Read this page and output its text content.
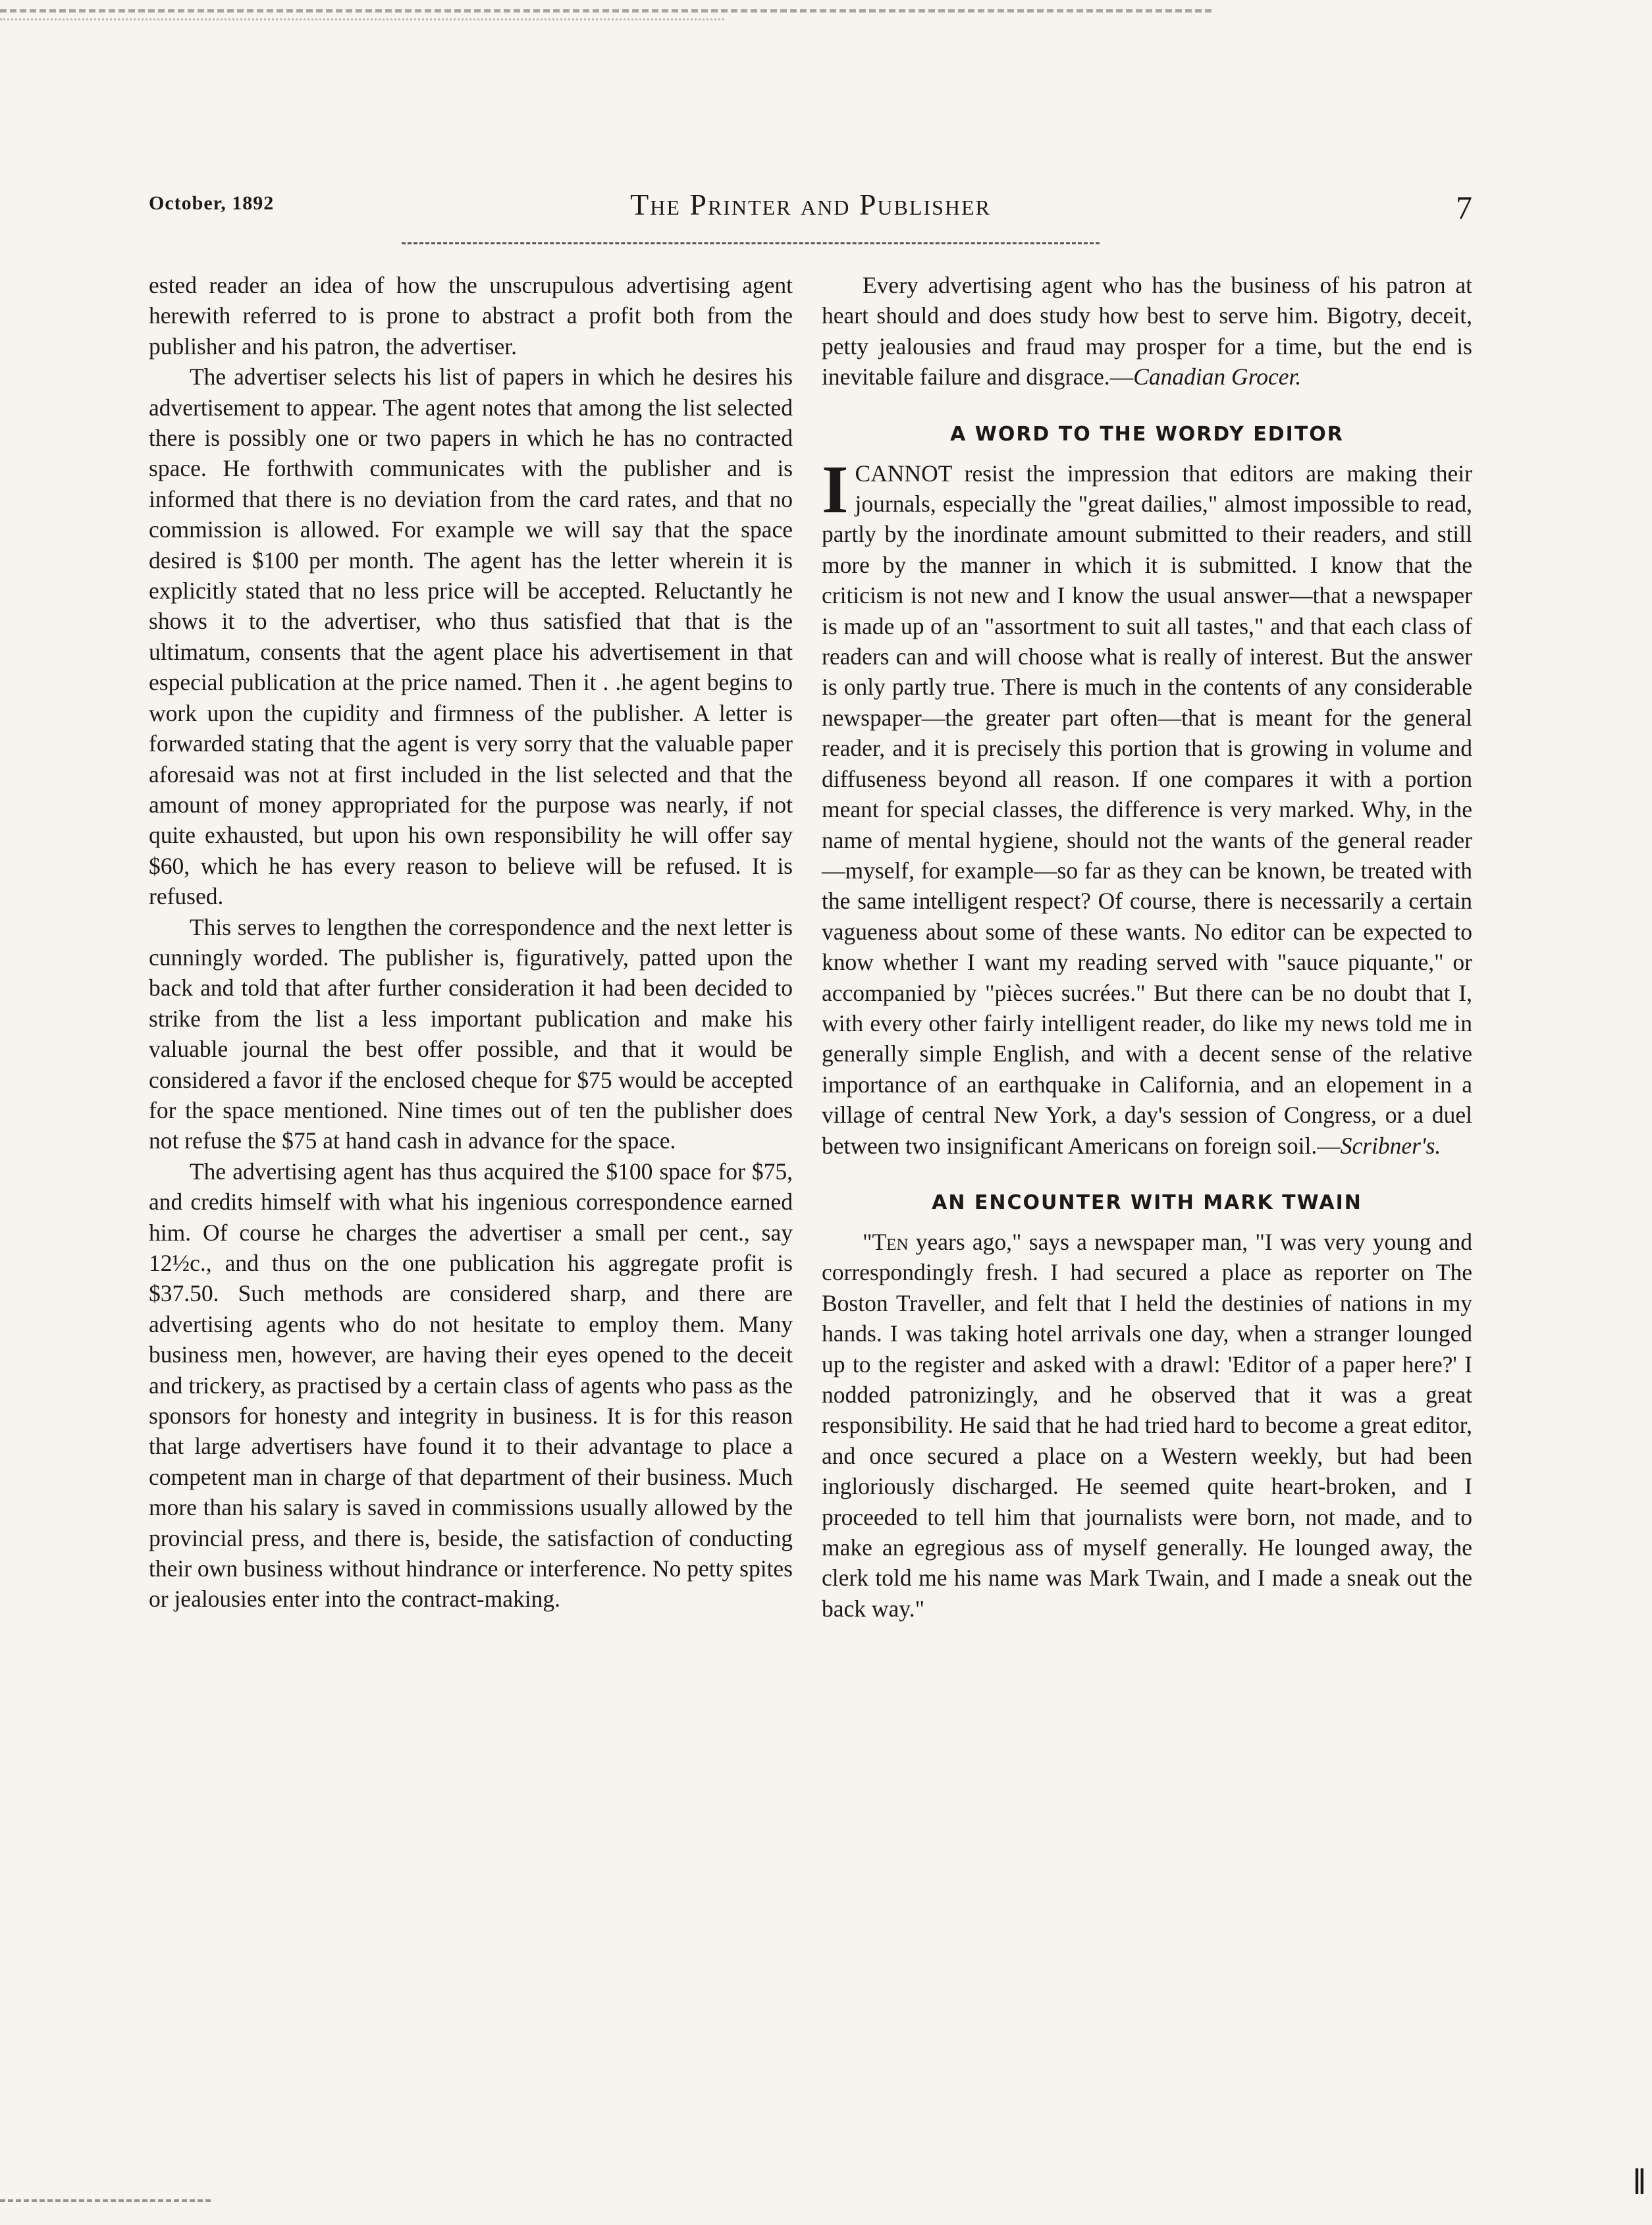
October, 1892	The Printer and Publisher	7

ested reader an idea of how the unscrupulous advertising agent herewith referred to is prone to abstract a profit both from the publisher and his patron, the advertiser.

The advertiser selects his list of papers in which he desires his advertisement to appear. The agent notes that among the list selected there is possibly one or two papers in which he has no contracted space. He forthwith communicates with the publisher and is informed that there is no deviation from the card rates, and that no commission is allowed. For example we will say that the space desired is $100 per month. The agent has the letter wherein it is explicitly stated that no less price will be accepted. Reluctantly he shows it to the advertiser, who thus satisfied that that is the ultimatum, consents that the agent place his advertisement in that especial publication at the price named. Then it . .he agent begins to work upon the cupidity and firmness of the publisher. A letter is forwarded stating that the agent is very sorry that the valuable paper aforesaid was not at first included in the list selected and that the amount of money appropriated for the purpose was nearly, if not quite exhausted, but upon his own responsibility he will offer say $60, which he has every reason to believe will be refused. It is refused.

This serves to lengthen the correspondence and the next letter is cunningly worded. The publisher is, figuratively, patted upon the back and told that after further consideration it had been decided to strike from the list a less important publication and make his valuable journal the best offer possible, and that it would be considered a favor if the enclosed cheque for $75 would be accepted for the space mentioned. Nine times out of ten the publisher does not refuse the $75 at hand cash in advance for the space.

The advertising agent has thus acquired the $100 space for $75, and credits himself with what his ingenious correspondence earned him. Of course he charges the advertiser a small per cent., say 12½c., and thus on the one publication his aggregate profit is $37.50. Such methods are considered sharp, and there are advertising agents who do not hesitate to employ them. Many business men, however, are having their eyes opened to the deceit and trickery, as practised by a certain class of agents who pass as the sponsors for honesty and integrity in business. It is for this reason that large advertisers have found it to their advantage to place a competent man in charge of that department of their business. Much more than his salary is saved in commissions usually allowed by the provincial press, and there is, beside, the satisfaction of conducting their own business without hindrance or interference. No petty spites or jealousies enter into the contract-making.

Every advertising agent who has the business of his patron at heart should and does study how best to serve him. Bigotry, deceit, petty jealousies and fraud may prosper for a time, but the end is inevitable failure and disgrace.—Canadian Grocer.

A WORD TO THE WORDY EDITOR

ICANNOT resist the impression that editors are making their journals, especially the "great dailies," almost impossible to read, partly by the inordinate amount submitted to their readers, and still more by the manner in which it is submitted. I know that the criticism is not new and I know the usual answer—that a newspaper is made up of an "assortment to suit all tastes," and that each class of readers can and will choose what is really of interest. But the answer is only partly true. There is much in the contents of any considerable newspaper—the greater part often—that is meant for the general reader, and it is precisely this portion that is growing in volume and diffuseness beyond all reason. If one compares it with a portion meant for special classes, the difference is very marked. Why, in the name of mental hygiene, should not the wants of the general reader —myself, for example—so far as they can be known, be treated with the same intelligent respect? Of course, there is necessarily a certain vagueness about some of these wants. No editor can be expected to know whether I want my reading served with "sauce piquante," or accompanied by "pièces sucrées." But there can be no doubt that I, with every other fairly intelligent reader, do like my news told me in generally simple English, and with a decent sense of the relative importance of an earthquake in California, and an elopement in a village of central New York, a day's session of Congress, or a duel between two insignificant Americans on foreign soil.—Scribner's.

AN ENCOUNTER WITH MARK TWAIN

"Ten years ago," says a newspaper man, "I was very young and correspondingly fresh. I had secured a place as reporter on The Boston Traveller, and felt that I held the destinies of nations in my hands. I was taking hotel arrivals one day, when a stranger lounged up to the register and asked with a drawl: 'Editor of a paper here?' I nodded patronizingly, and he observed that it was a great responsibility. He said that he had tried hard to become a great editor, and once secured a place on a Western weekly, but had been ingloriously discharged. He seemed quite heart-broken, and I proceeded to tell him that journalists were born, not made, and to make an egregious ass of myself generally. He lounged away, the clerk told me his name was Mark Twain, and I made a sneak out the back way."

‖
